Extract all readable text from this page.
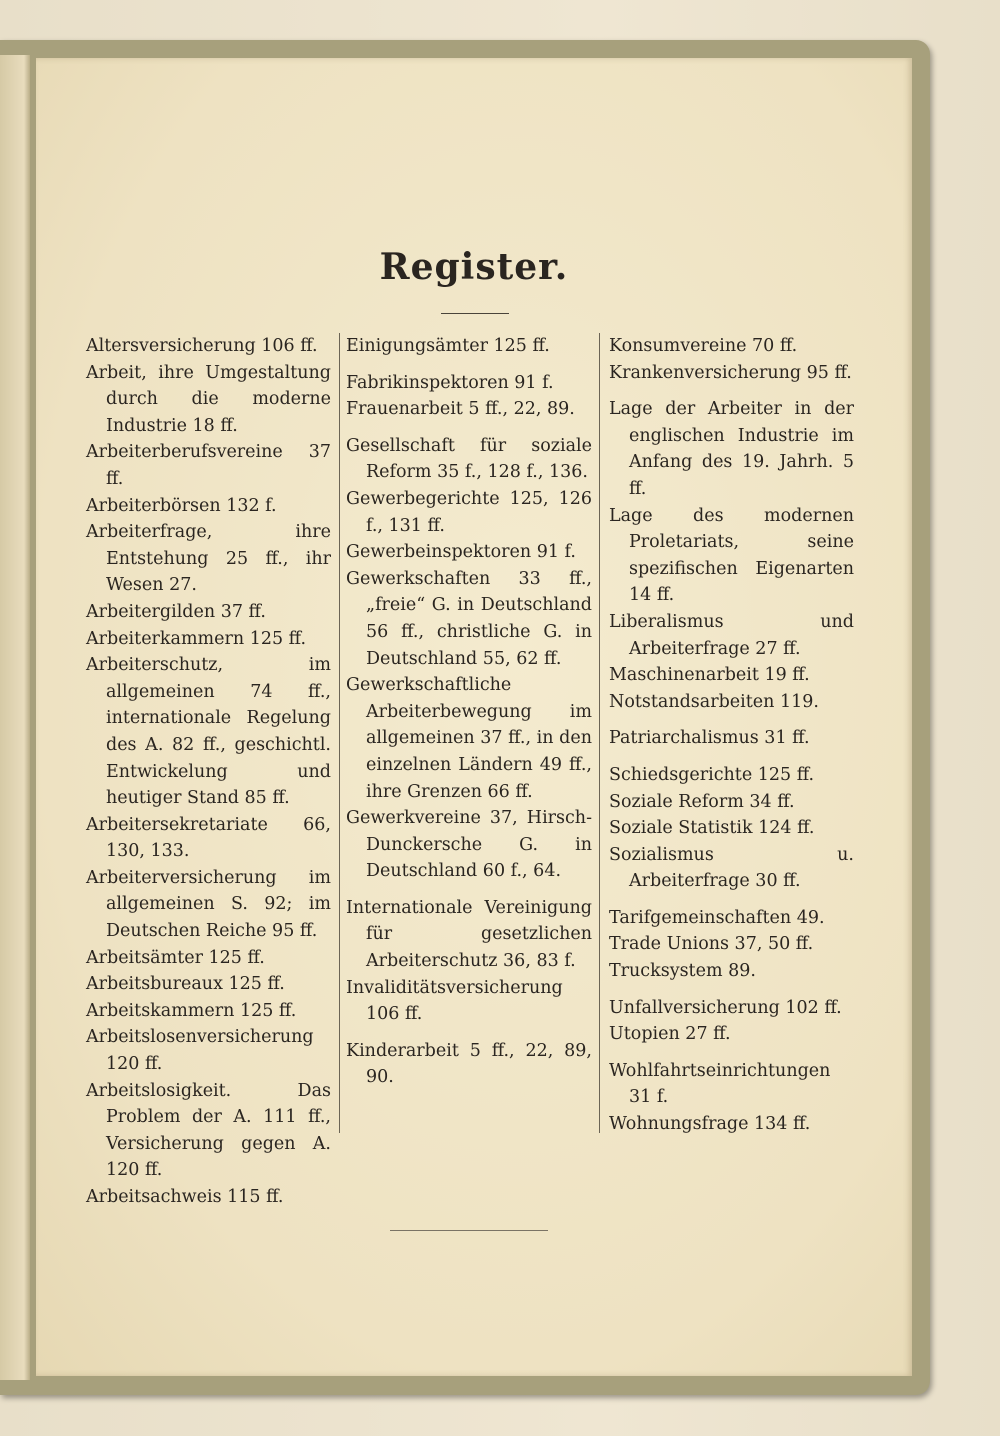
Register.

Altersversicherung 106 ff.

Arbeit, ihre Umgestaltung durch die moderne Industrie 18 ff.

Arbeiterberufsvereine 37 ff.

Arbeiterbörsen 132 f.

Arbeiterfrage, ihre Entstehung 25 ff., ihr Wesen 27.

Arbeitergilden 37 ff.

Arbeiterkammern 125 ff.

Arbeiterschutz, im allgemeinen 74 ff., internationale Regelung des A. 82 ff., geschichtl. Entwickelung und heutiger Stand 85 ff.

Arbeitersekretariate 66, 130, 133.

Arbeiterversicherung im allgemeinen S. 92; im Deutschen Reiche 95 ff.

Arbeitsämter 125 ff.

Arbeitsbureaux 125 ff.

Arbeitskammern 125 ff.

Arbeitslosenversicherung 120 ff.

Arbeitslosigkeit. Das Problem der A. 111 ff., Versicherung gegen A. 120 ff.

Arbeitsachweis 115 ff.

Einigungsämter 125 ff.

Fabrikinspektoren 91 f.

Frauenarbeit 5 ff., 22, 89.

Gesellschaft für soziale Reform 35 f., 128 f., 136.

Gewerbegerichte 125, 126 f., 131 ff.

Gewerbeinspektoren 91 f.

Gewerkschaften 33 ff., „freie“ G. in Deutschland 56 ff., christliche G. in Deutschland 55, 62 ff.

Gewerkschaftliche Arbeiterbewegung im allgemeinen 37 ff., in den einzelnen Ländern 49 ff., ihre Grenzen 66 ff.

Gewerkvereine 37, Hirsch-Dunckersche G. in Deutschland 60 f., 64.

Internationale Vereinigung für gesetzlichen Arbeiterschutz 36, 83 f.

Invaliditätsversicherung 106 ff.

Kinderarbeit 5 ff., 22, 89, 90.

Konsumvereine 70 ff.

Krankenversicherung 95 ff.

Lage der Arbeiter in der englischen Industrie im Anfang des 19. Jahrh. 5 ff.

Lage des modernen Proletariats, seine spezifischen Eigenarten 14 ff.

Liberalismus und Arbeiterfrage 27 ff.

Maschinenarbeit 19 ff.

Notstandsarbeiten 119.

Patriarchalismus 31 ff.

Schiedsgerichte 125 ff.

Soziale Reform 34 ff.

Soziale Statistik 124 ff.

Sozialismus u. Arbeiterfrage 30 ff.

Tarifgemeinschaften 49.

Trade Unions 37, 50 ff.

Trucksystem 89.

Unfallversicherung 102 ff.

Utopien 27 ff.

Wohlfahrtseinrichtungen 31 f.

Wohnungsfrage 134 ff.
